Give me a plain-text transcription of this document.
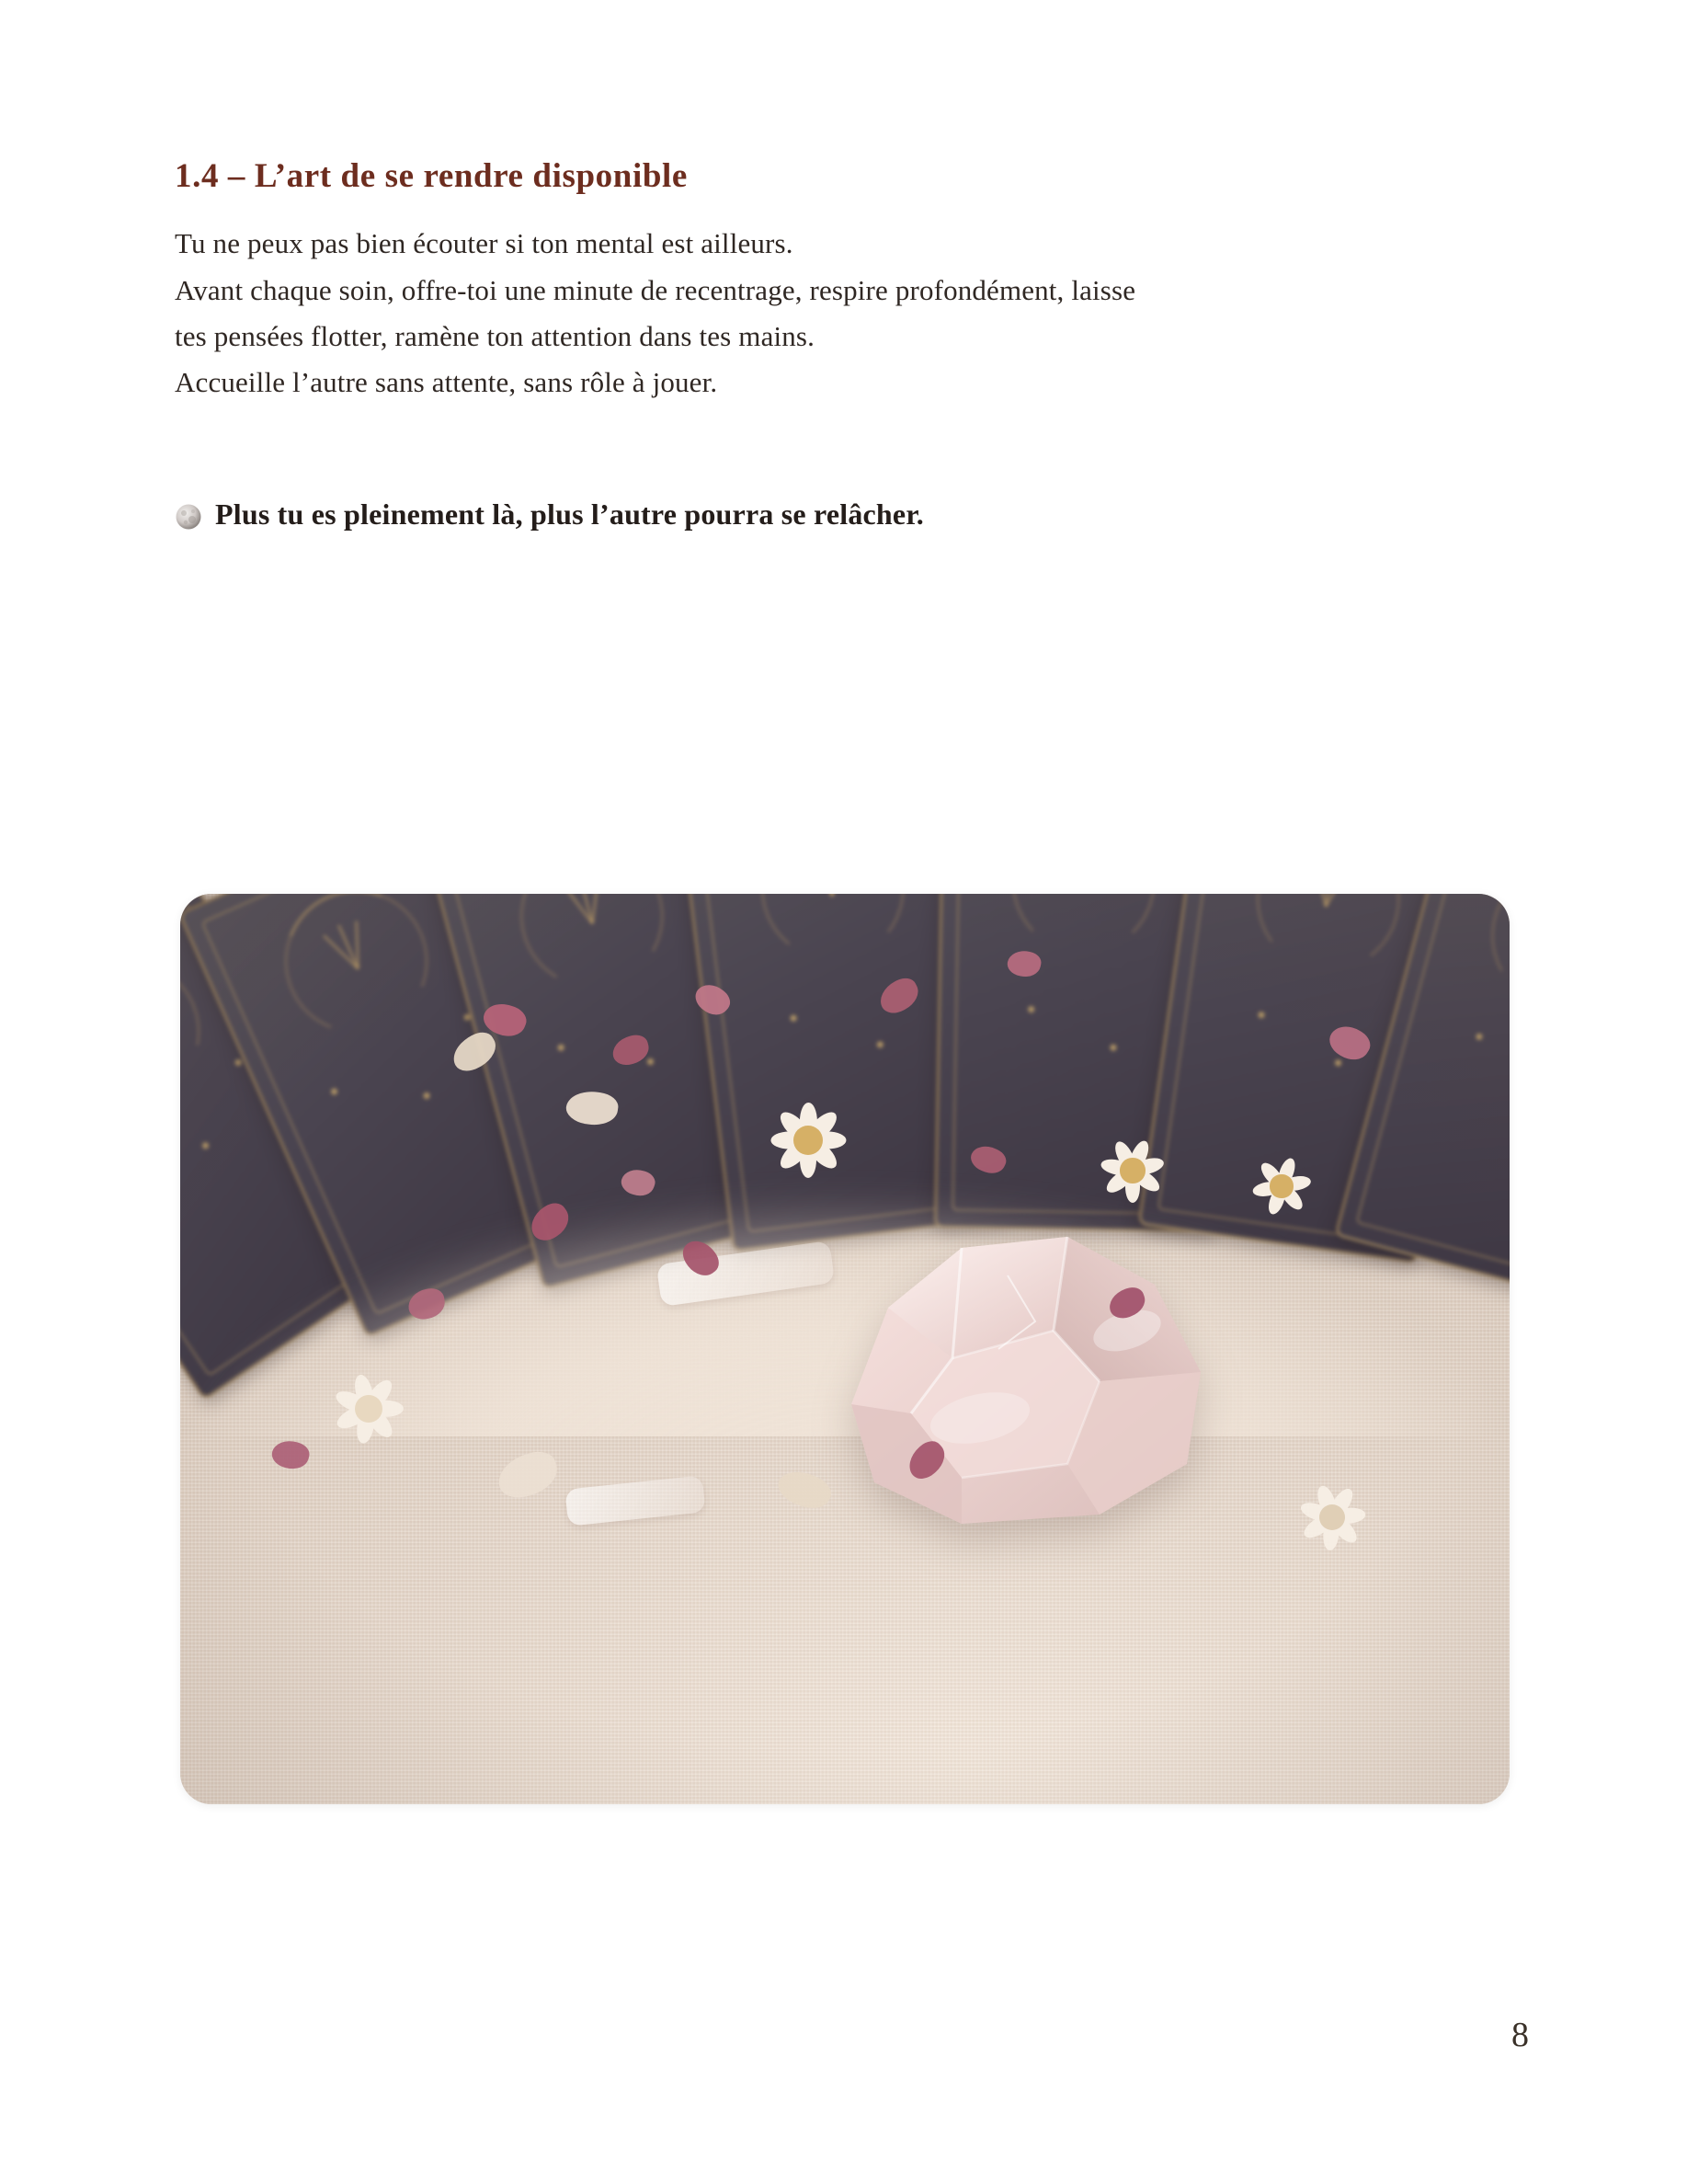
1.4 – L’art de se rendre disponible

Tu ne peux pas bien écouter si ton mental est ailleurs.

Avant chaque soin, offre-toi une minute de recentrage, respire profondément, laisse

tes pensées flotter, ramène ton attention dans tes mains.

Accueille l’autre sans attente, sans rôle à jouer.

Plus tu es pleinement là, plus l’autre pourra se relâcher.
8
